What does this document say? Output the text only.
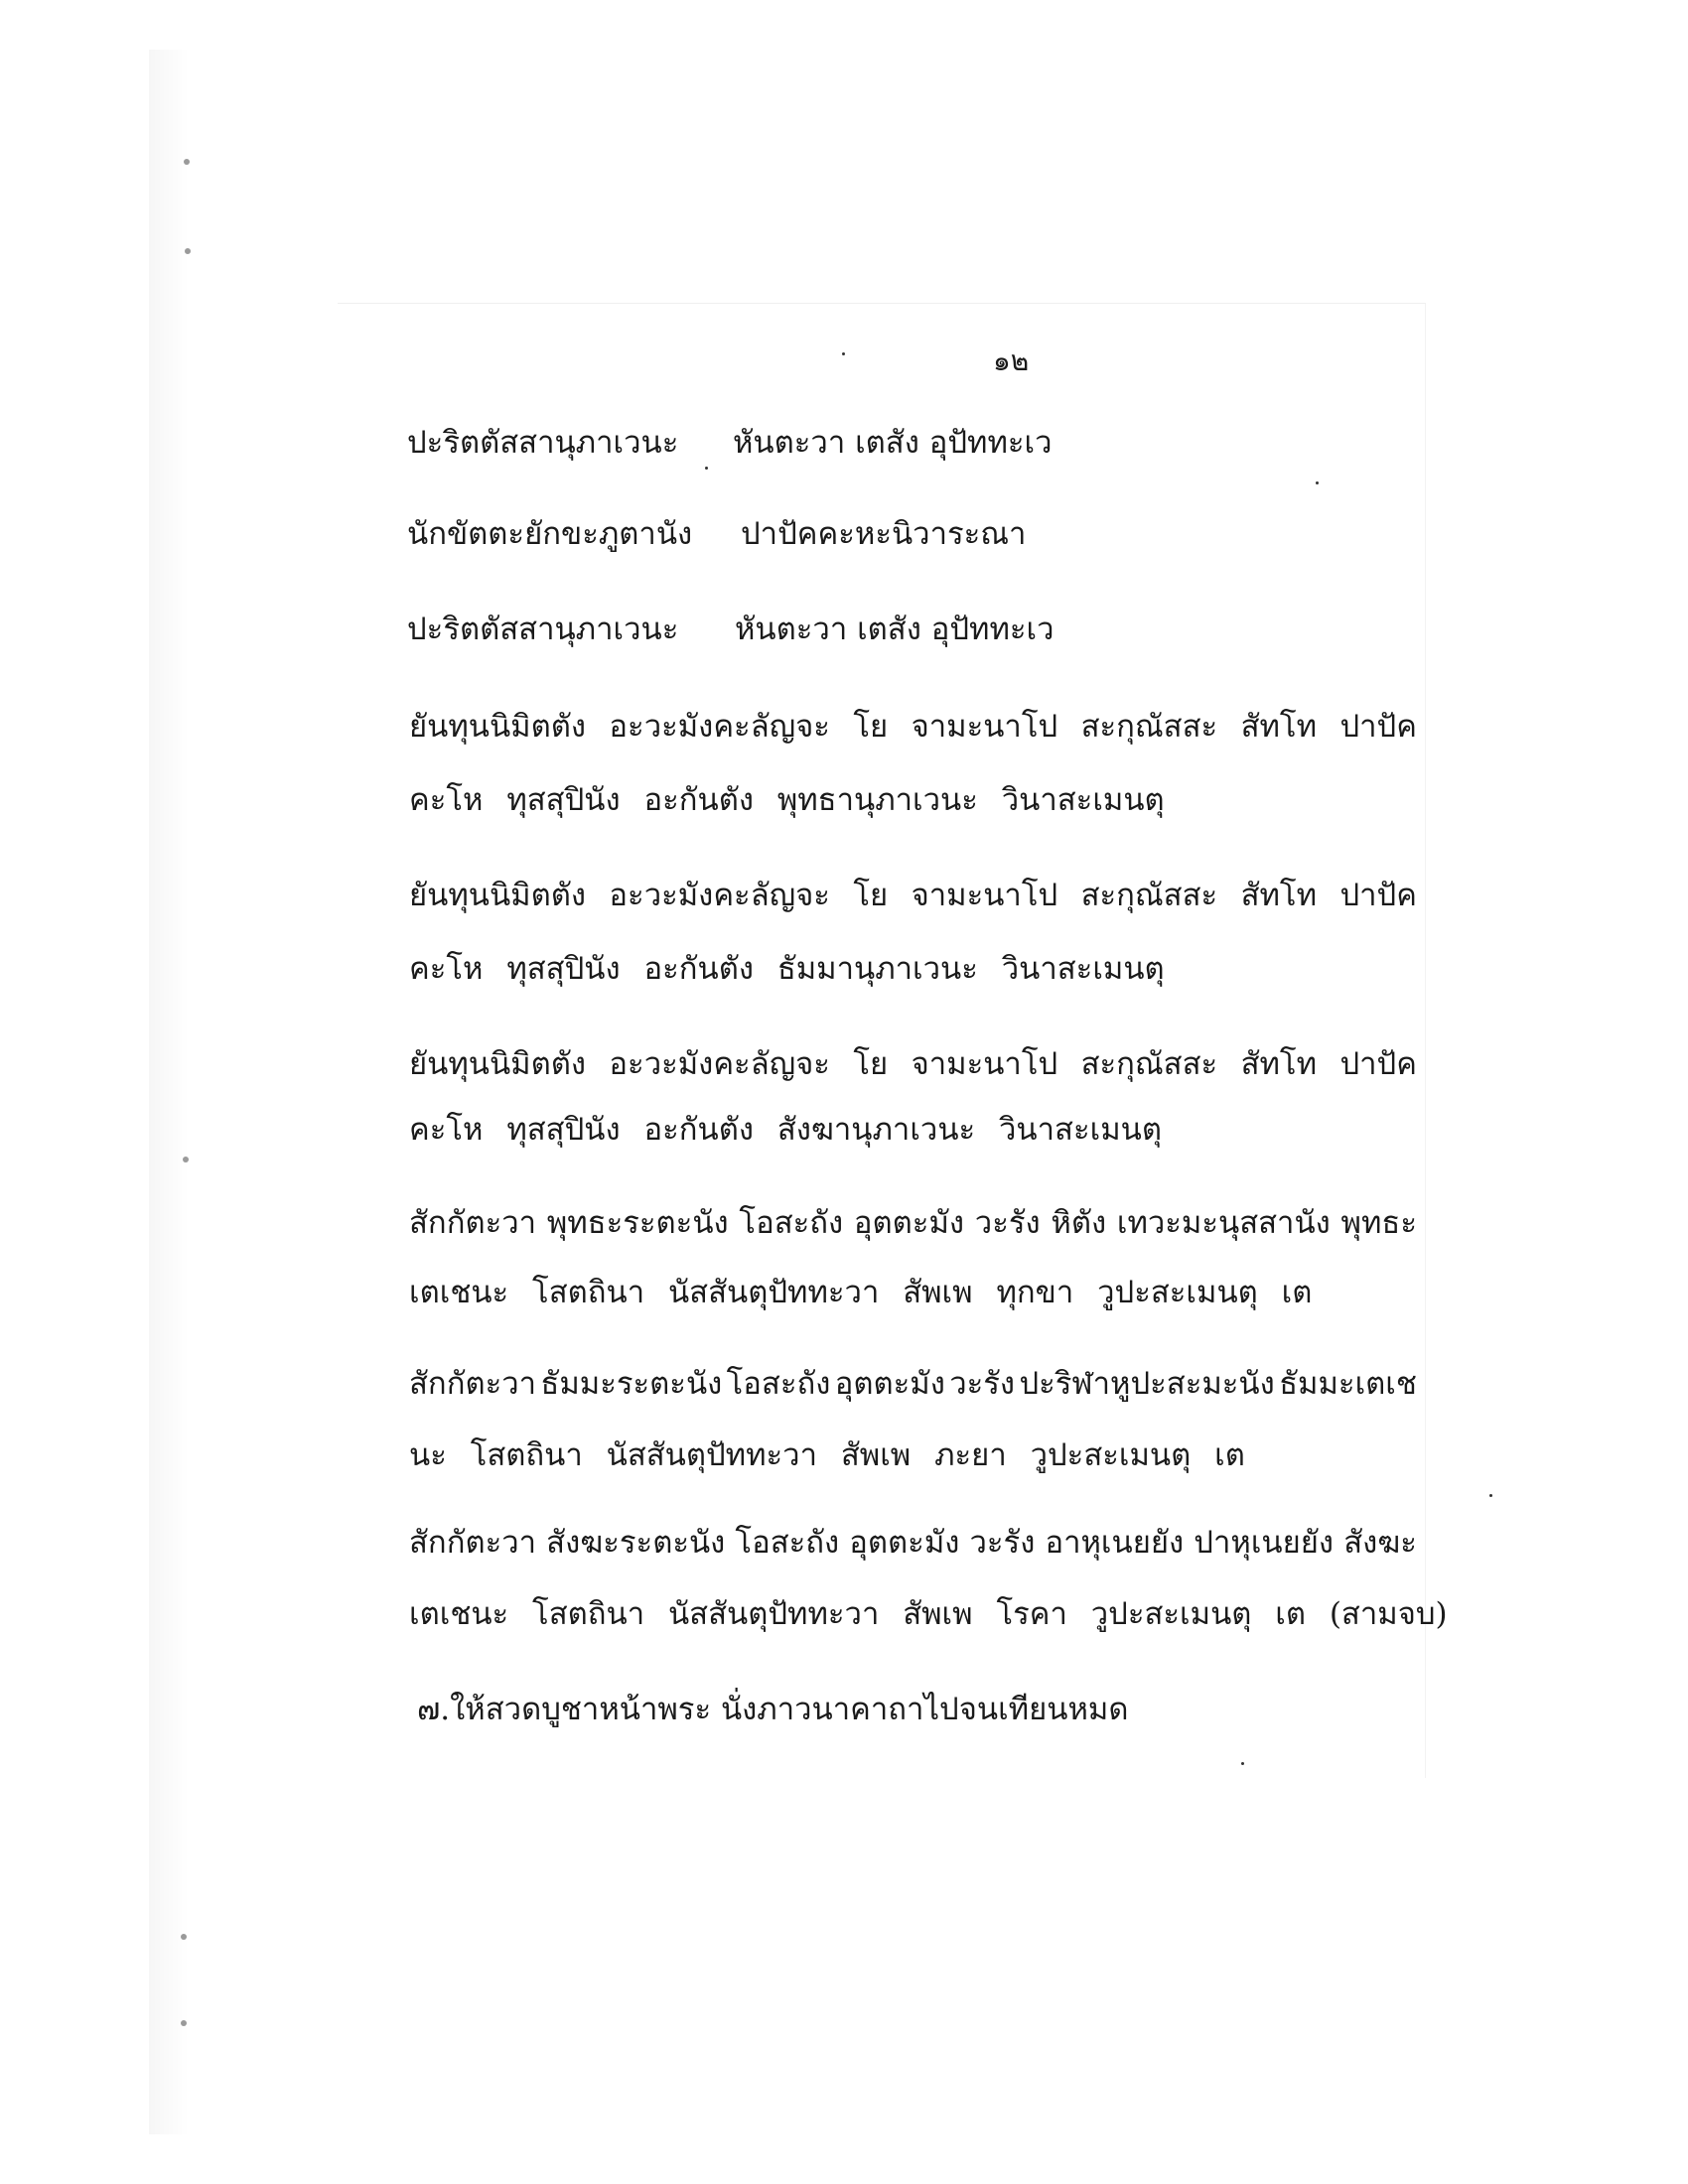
๑๒
ปะริตตัสสานุภาเวนะ หันตะวา เตสัง อุปัททะเว
นักขัตตะยักขะภูตานัง ปาปัคคะหะนิวาระณา
ปะริตตัสสานุภาเวนะ หันตะวา เตสัง อุปัททะเว
ยันทุนนิมิตตัง อะวะมังคะลัญจะ โย จามะนาโป สะกุณัสสะ สัทโท ปาปัค
คะโห ทุสสุปินัง อะกันตัง พุทธานุภาเวนะ วินาสะเมนตุ
ยันทุนนิมิตตัง อะวะมังคะลัญจะ โย จามะนาโป สะกุณัสสะ สัทโท ปาปัค
คะโห ทุสสุปินัง อะกันตัง ธัมมานุภาเวนะ วินาสะเมนตุ
ยันทุนนิมิตตัง อะวะมังคะลัญจะ โย จามะนาโป สะกุณัสสะ สัทโท ปาปัค
คะโห ทุสสุปินัง อะกันตัง สังฆานุภาเวนะ วินาสะเมนตุ
สักกัตะวา พุทธะระตะนัง โอสะถัง อุตตะมัง วะรัง หิตัง เทวะมะนุสสานัง พุทธะ
เตเชนะ โสตถินา นัสสันตุปัททะวา สัพเพ ทุกขา วูปะสะเมนตุ เต
สักกัตะวา ธัมมะระตะนัง โอสะถัง อุตตะมัง วะรัง ปะริฬาหูปะสะมะนัง ธัมมะเตเช
นะ โสตถินา นัสสันตุปัททะวา สัพเพ ภะยา วูปะสะเมนตุ เต
สักกัตะวา สังฆะระตะนัง โอสะถัง อุตตะมัง วะรัง อาหุเนยยัง ปาหุเนยยัง สังฆะ
เตเชนะ โสตถินา นัสสันตุปัททะวา สัพเพ โรคา วูปะสะเมนตุ เต (สามจบ)
๗.ให้สวดบูชาหน้าพระ นั่งภาวนาคาถาไปจนเทียนหมด
